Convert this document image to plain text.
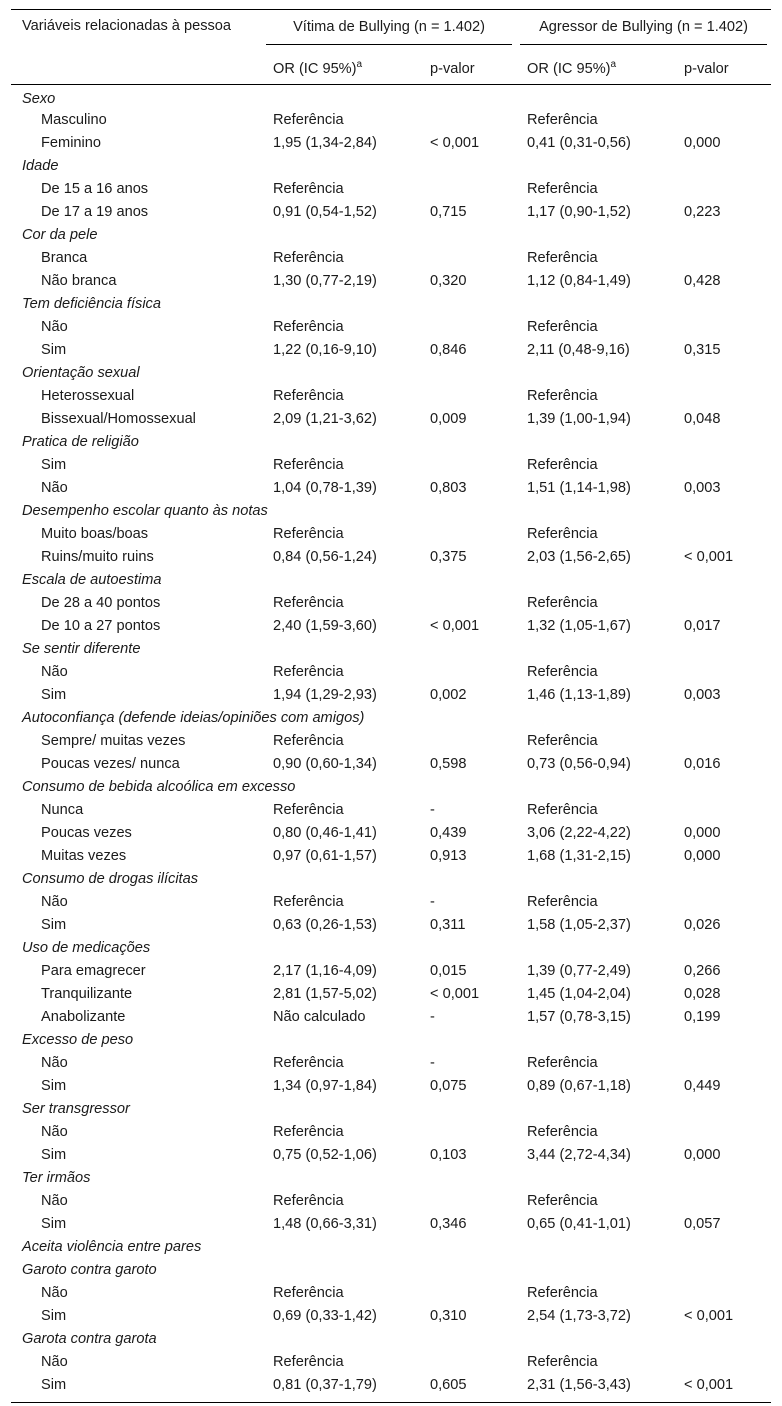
Variáveis relacionadas à pessoa	Vítima de Bullying (n = 1.402)		Agressor de Bullying (n = 1.402)	

	OR (IC 95%)$^a$	p-valor	OR (IC 95%)$^a$	p-valor
Sexo				
Masculino	Referência		Referência	
Feminino	1,95 (1,34-2,84)	< 0,001	0,41 (0,31-0,56)	0,000
Idade				
De 15 a 16 anos	Referência		Referência	
De 17 a 19 anos	0,91 (0,54-1,52)	0,715	1,17 (0,90-1,52)	0,223
Cor da pele				
Branca	Referência		Referência	
Não branca	1,30 (0,77-2,19)	0,320	1,12 (0,84-1,49)	0,428
Tem deficiência física				
Não	Referência		Referência	
Sim	1,22 (0,16-9,10)	0,846	2,11 (0,48-9,16)	0,315
Orientação sexual				
Heterossexual	Referência		Referência	
Bissexual/Homossexual	2,09 (1,21-3,62)	0,009	1,39 (1,00-1,94)	0,048
Pratica de religião				
Sim	Referência		Referência	
Não	1,04 (0,78-1,39)	0,803	1,51 (1,14-1,98)	0,003
Desempenho escolar quanto às notas				
Muito boas/boas	Referência		Referência	
Ruins/muito ruins	0,84 (0,56-1,24)	0,375	2,03 (1,56-2,65)	˂ 0,001
Escala de autoestima				
De 28 a 40 pontos	Referência		Referência	
De 10 a 27 pontos	2,40 (1,59-3,60)	< 0,001	1,32 (1,05-1,67)	0,017
Se sentir diferente				
Não	Referência		Referência	
Sim	1,94 (1,29-2,93)	0,002	1,46 (1,13-1,89)	0,003
Autoconfiança (defende ideias/opiniões com amigos)				
Sempre/ muitas vezes	Referência		Referência	
Poucas vezes/ nunca	0,90 (0,60-1,34)	0,598	0,73 (0,56-0,94)	0,016
Consumo de bebida alcoólica em excesso				
Nunca	Referência	-	Referência	
Poucas vezes	0,80 (0,46-1,41)	0,439	3,06 (2,22-4,22)	0,000
Muitas vezes	0,97 (0,61-1,57)	0,913	1,68 (1,31-2,15)	0,000
Consumo de drogas ilícitas				
Não	Referência	-	Referência	
Sim	0,63 (0,26-1,53)	0,311	1,58 (1,05-2,37)	0,026
Uso de medicações				
Para emagrecer	2,17 (1,16-4,09)	0,015	1,39 (0,77-2,49)	0,266
Tranquilizante	2,81 (1,57-5,02)	< 0,001	1,45 (1,04-2,04)	0,028
Anabolizante	Não calculado	-	1,57 (0,78-3,15)	0,199
Excesso de peso				
Não	Referência	-	Referência	
Sim	1,34 (0,97-1,84)	0,075	0,89 (0,67-1,18)	0,449
Ser transgressor				
Não	Referência		Referência	
Sim	0,75 (0,52-1,06)	0,103	3,44 (2,72-4,34)	0,000
Ter irmãos				
Não	Referência		Referência	
Sim	1,48 (0,66-3,31)	0,346	0,65 (0,41-1,01)	0,057
Aceita violência entre pares				
Garoto contra garoto				
Não	Referência		Referência	
Sim	0,69 (0,33-1,42)	0,310	2,54 (1,73-3,72)	< 0,001
Garota contra garota				
Não	Referência		Referência	
Sim	0,81 (0,37-1,79)	0,605	2,31 (1,56-3,43)	< 0,001
